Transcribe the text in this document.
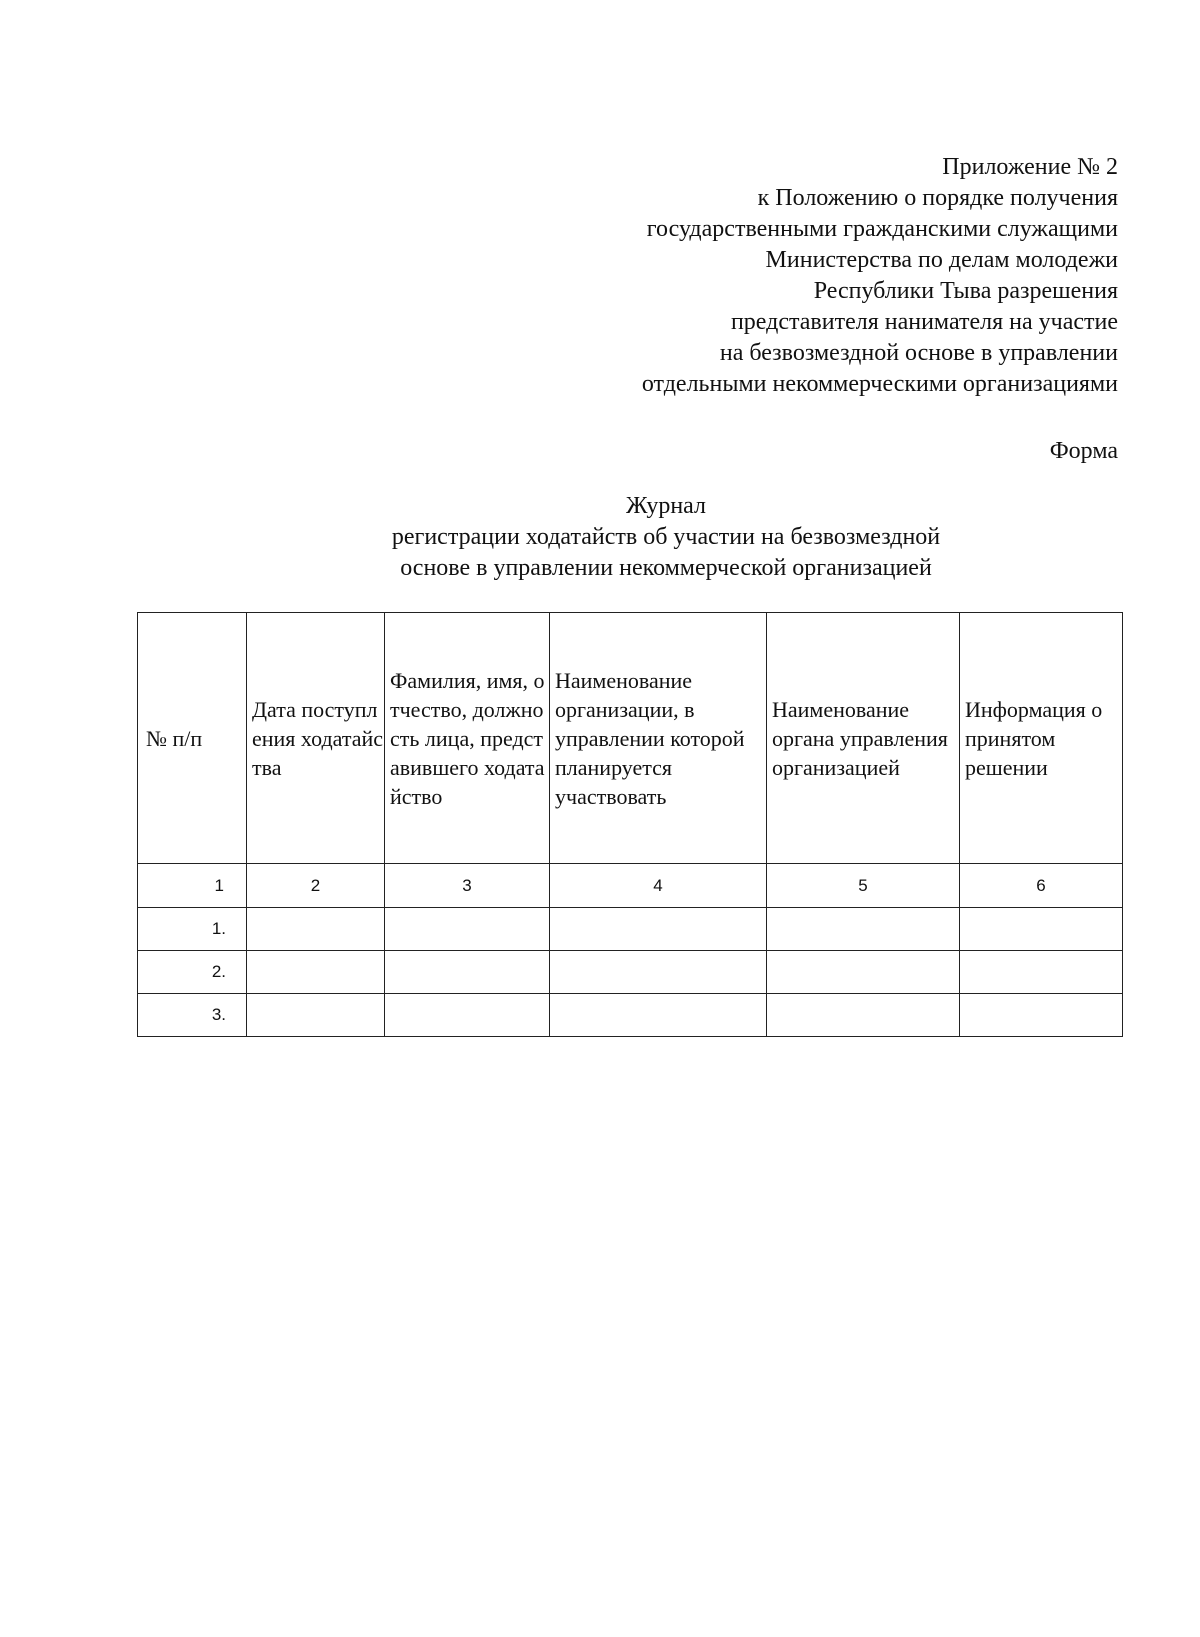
Приложение № 2
к Положению о порядке получения
государственными гражданскими служащими
Министерства по делам молодежи
Республики Тыва разрешения
представителя нанимателя на участие
на безвозмездной основе в управлении
отдельными некоммерческими организациями
Форма
Журнал
регистрации ходатайств об участии на безвозмездной
основе в управлении некоммерческой организацией
№ п/п	Дата поступления ходатайства	Фамилия, имя, отчество, должность лица, представившего ходатайство	Наименование организации, в управлении которой планируется участвовать	Наименование органа управления организацией	Информация о принятом решении
1	2	3	4	5	6
1.					
2.					
3.					
